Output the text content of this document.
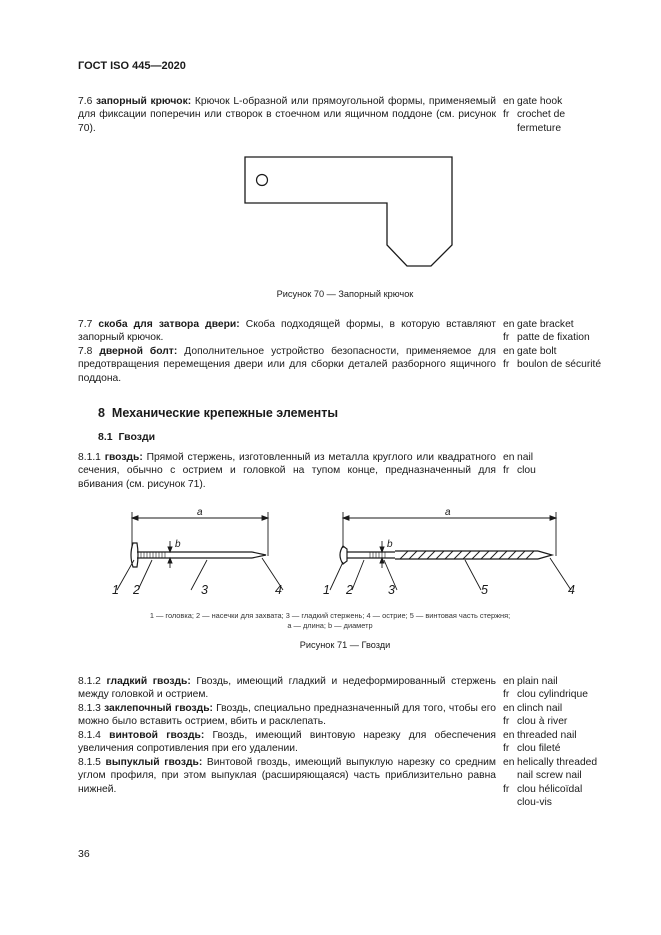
ГОСТ ISO 445—2020

7.6 запорный крючок: Крючок L-образной или прямоугольной формы, применяемый для фиксации поперечин или створок в стоечном или ящичном поддоне (см. рисунок 70).

en gate hook
fr crochet de fermeture
Рисунок 70 — Запорный крючок

7.7 скоба для затвора двери: Скоба подходящей формы, в которую вставляют запорный крючок.

en gate bracket
fr patte de fixation

7.8 дверной болт: Дополнительное устройство безопасности, применяемое для предотвращения перемещения двери или для сборки деталей разборного ящичного поддона.

en gate bolt
fr boulon de sécurité
8 Механические крепежные элементы
8.1 Гвозди

8.1.1 гвоздь: Прямой стержень, изготовленный из металла круглого или квадратного сечения, обычно с острием и головкой на тупом конце, предназначенный для вбивания (см. рисунок 71).

en nail
fr clou
a
b
a
b
1 2	3	4	1 2	3	5	4
1 — головка; 2 — насечки для захвата; 3 — гладкий стержень; 4 — острие; 5 — винтовая часть стержня;
a — длина; b — диаметр
Рисунок 71 — Гвозди

8.1.2 гладкий гвоздь: Гвоздь, имеющий гладкий и недеформированный стержень между головкой и острием.

en plain nail
fr clou cylindrique

8.1.3 заклепочный гвоздь: Гвоздь, специально предназначенный для того, чтобы его можно было вставить острием, вбить и расклепать.

en clinch nail
fr clou à river

8.1.4 винтовой гвоздь: Гвоздь, имеющий винтовую нарезку для обеспечения увеличения сопротивления при его удалении.

en threaded nail
fr clou fileté

8.1.5 выпуклый гвоздь: Винтовой гвоздь, имеющий выпуклую нарезку со средним углом профиля, при этом выпуклая (расширяющаяся) часть приблизительно равна нижней.

en helically threaded nail screw nail
fr clou hélicoïdal clou-vis
36
